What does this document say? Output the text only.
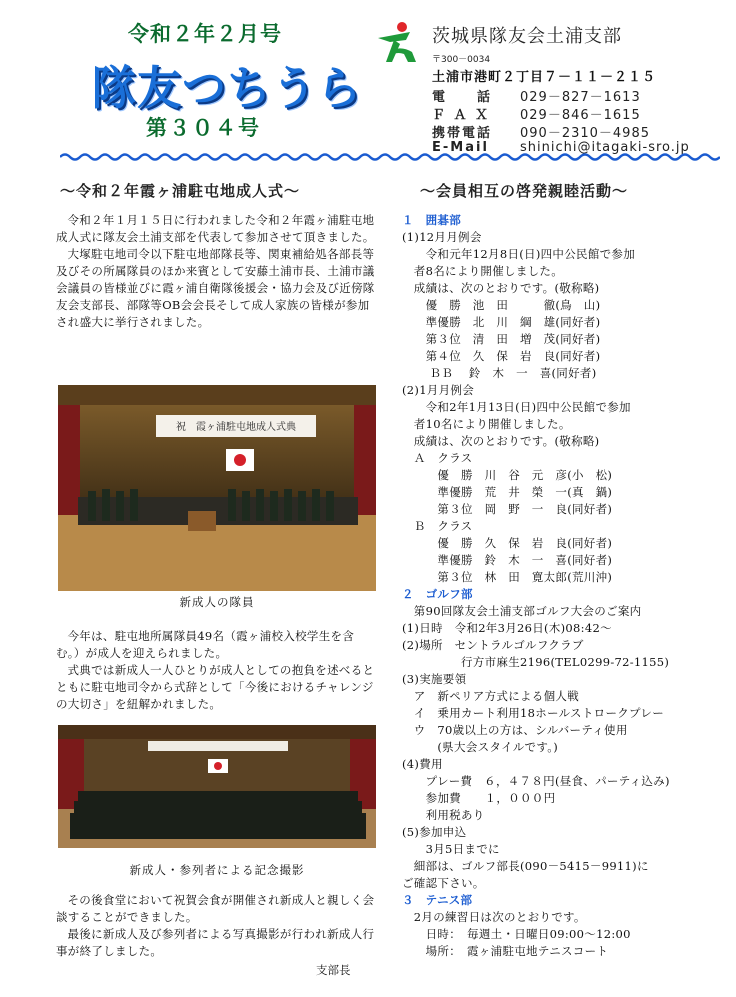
令和２年２月号
隊友つちうら
第３０４号
茨城県隊友会土浦支部
〒300－0034
土浦市港町２丁目７－１１－２１５
電　　話 029－827－1613
Ｆ Ａ Ｘ 029－846－1615
携帯電話 090－2310－4985
E-Mail shinichi@itagaki-sro.jp
～令和２年霞ヶ浦駐屯地成人式～

令和２年１月１５日に行われました令和２年霞ヶ浦駐屯地成人式に隊友会土浦支部を代表して参加させて頂きました。

大塚駐屯地司令以下駐屯地部隊長等、関東補給処各部長等及びその所属隊員のほか来賓として安藤土浦市長、土浦市議会議員の皆様並びに霞ヶ浦自衛隊後援会・協力会及び近傍隊友会支部長、部隊等OB会会長そして成人家族の皆様が参加され盛大に挙行されました。

祝　霞ヶ浦駐屯地成人式典
新成人の隊員

今年は、駐屯地所属隊員49名（霞ヶ浦校入校学生を含む。）が成人を迎えられました。

式典では新成人一人ひとりが成人としての抱負を述べるとともに駐屯地司令から式辞として「今後におけるチャレンジの大切さ」を紐解かれました。

新成人・参列者による記念撮影

その後食堂において祝賀会食が開催され新成人と親しく会談することができました。

最後に新成人及び参列者による写真撮影が行われ新成人行事が終了しました。

支部長
～会員相互の啓発親睦活動～
１　囲碁部
(1)12月月例会
　　令和元年12月8日(日)四中公民館で参加
　者8名により開催しました。
　成績は、次のとおりです。(敬称略)
　　優　勝　池　田　　　徹(鳥　山)
　　準優勝　北　川　綱　雄(同好者)
　　第３位　清　田　増　茂(同好者)
　　第４位　久　保　岩　良(同好者)
　　 ＢＢ　 鈴　木　一　喜(同好者)
(2)1月月例会
　　令和2年1月13日(日)四中公民館で参加
　者10名により開催しました。
　成績は、次のとおりです。(敬称略)
　Ａ　クラス
　　　優　勝　川　谷　元　彦(小　松)
　　　準優勝　荒　井　榮　一(真　鍋)
　　　第３位　岡　野　一　良(同好者)
　Ｂ　クラス
　　　優　勝　久　保　岩　良(同好者)
　　　準優勝　鈴　木　一　喜(同好者)
　　　第３位　林　田　寛太郎(荒川沖)
２　ゴルフ部
　第90回隊友会土浦支部ゴルフ大会のご案内
(1)日時　令和2年3月26日(木)08:42～
(2)場所　セントラルゴルフクラブ
　　　　　行方市麻生2196(TEL0299-72-1155)
(3)実施要領
　ア　新ペリア方式による個人戦
　イ　乗用カート利用18ホールストロークプレー
　ウ　70歳以上の方は、シルバーティ使用
　　　(県大会スタイルです。)
(4)費用
　　プレー費　６，４７８円(昼食、パーティ込み)
　　参加費　　１，０００円
　　利用税あり
(5)参加申込
　　3月5日までに
　細部は、ゴルフ部長(090－5415－9911)に
ご確認下さい。
３　テニス部
　2月の練習日は次のとおりです。
　　日時：　毎週土・日曜日09:00～12:00
　　場所：　霞ヶ浦駐屯地テニスコート
